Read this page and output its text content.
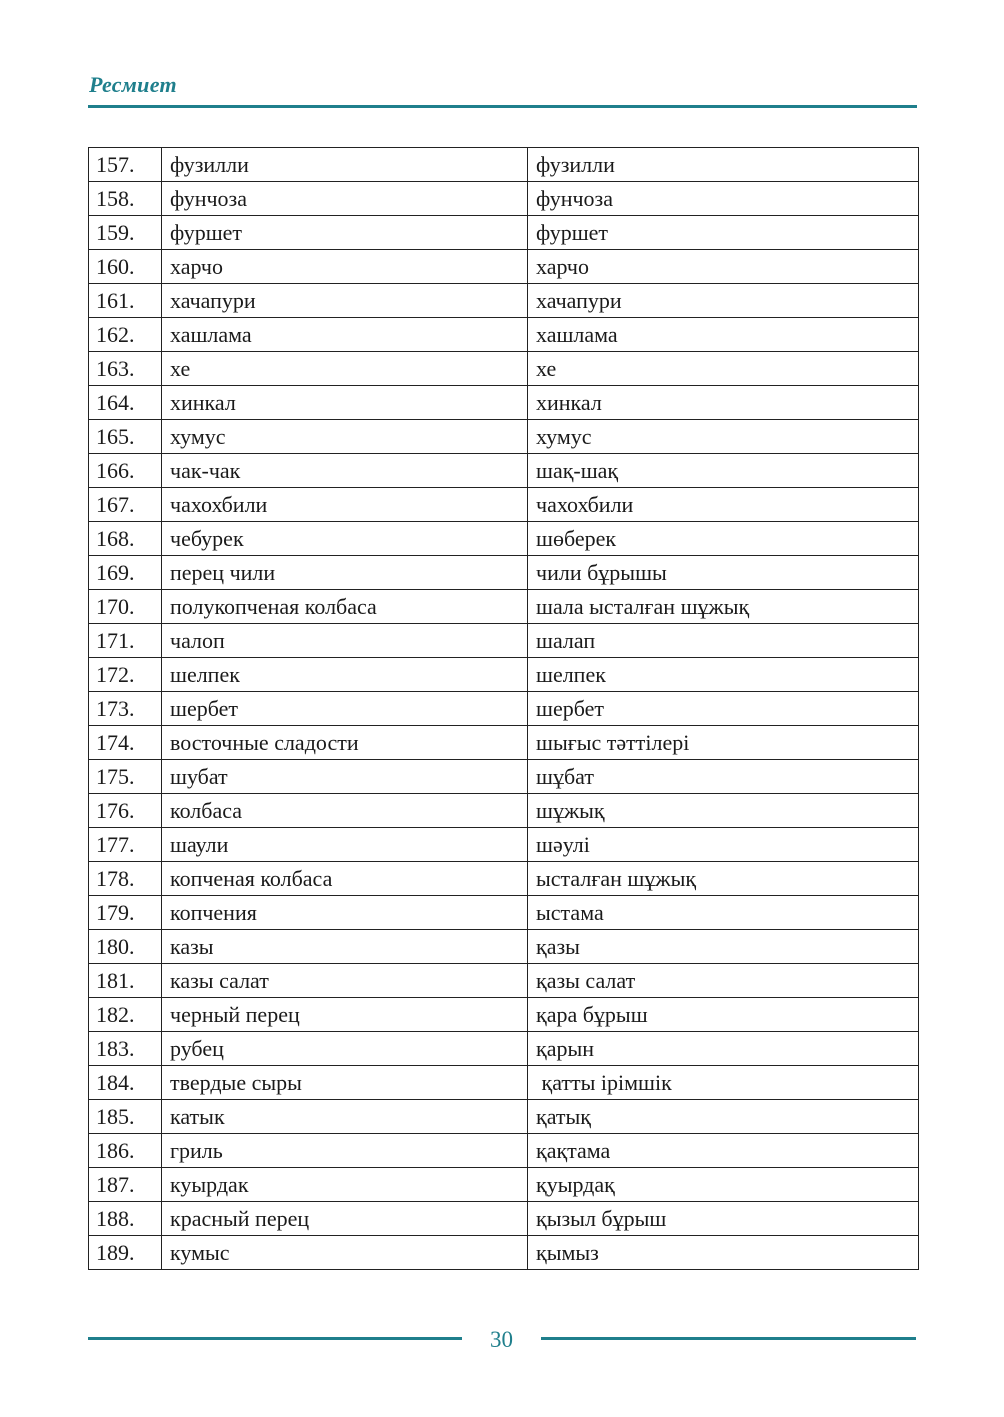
Ресмиет
157.	фузилли	фузилли
158.	фунчоза	фунчоза
159.	фуршет	фуршет
160.	харчо	харчо
161.	хачапури	хачапури
162.	хашлама	хашлама
163.	хе	хе
164.	хинкал	хинкал
165.	хумус	хумус
166.	чак-чак	шақ-шақ
167.	чахохбили	чахохбили
168.	чебурек	шөберек
169.	перец чили	чили бұрышы
170.	полукопченая колбаса	шала ысталған шұжық
171.	чалоп	шалап
172.	шелпек	шелпек
173.	шербет	шербет
174.	восточные сладости	шығыс тәттілері
175.	шубат	шұбат
176.	колбаса	шұжық
177.	шаули	шәулі
178.	копченая колбаса	ысталған шұжық
179.	копчения	ыстама
180.	казы	қазы
181.	казы салат	қазы салат
182.	черный перец	қара бұрыш
183.	рубец	қарын
184.	твердые сыры	қатты ірімшік
185.	катык	қатық
186.	гриль	қақтама
187.	куырдак	қуырдақ
188.	красный перец	қызыл бұрыш
189.	кумыс	қымыз
30
